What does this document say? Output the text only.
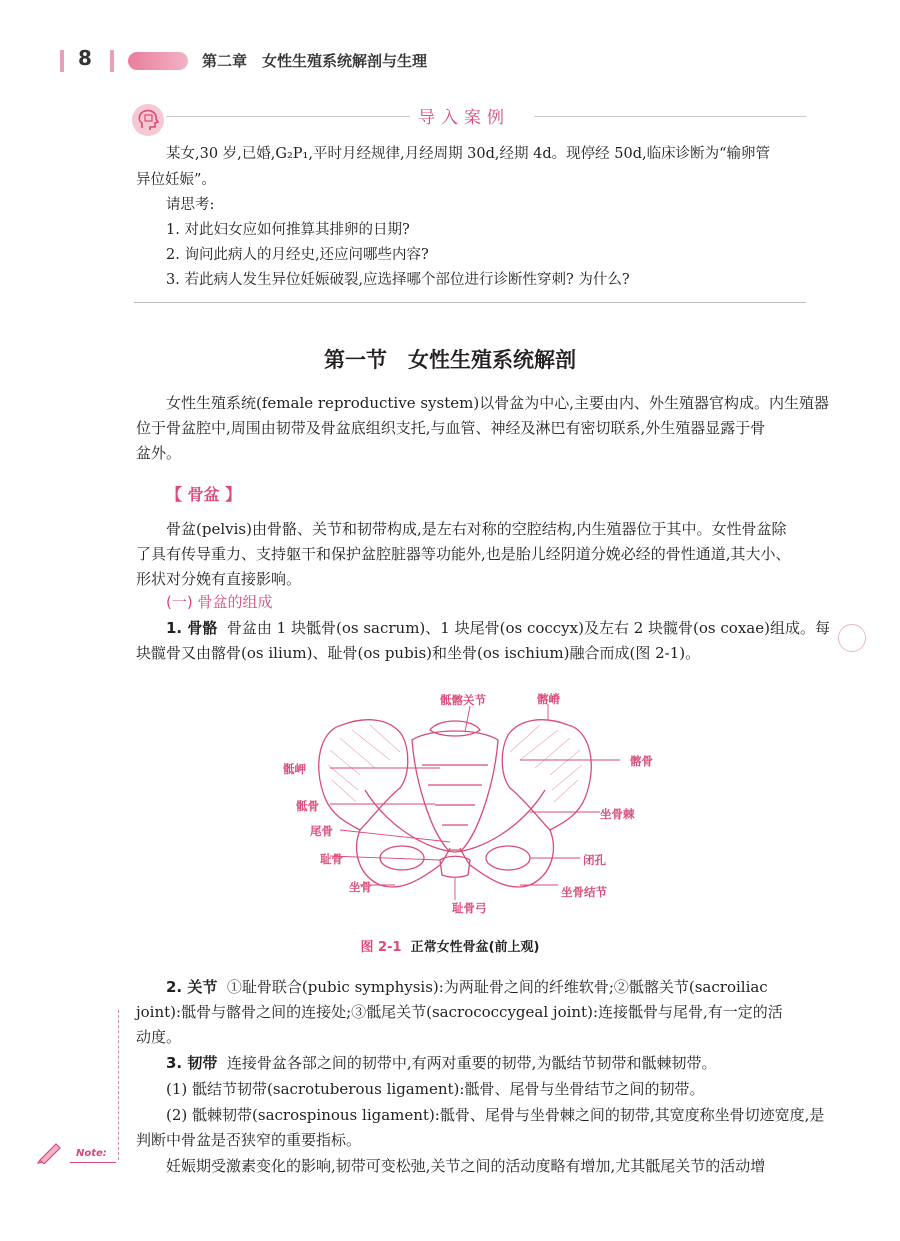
8	第二章　女性生殖系统解剖与生理
导入案例
某女,30 岁,已婚,G₂P₁,平时月经规律,月经周期 30d,经期 4d。现停经 50d,临床诊断为“输卵管
异位妊娠”。
请思考:
1. 对此妇女应如何推算其排卵的日期?
2. 询问此病人的月经史,还应问哪些内容?
3. 若此病人发生异位妊娠破裂,应选择哪个部位进行诊断性穿刺? 为什么?
第一节　女性生殖系统解剖
女性生殖系统(female reproductive system)以骨盆为中心,主要由内、外生殖器官构成。内生殖器
位于骨盆腔中,周围由韧带及骨盆底组织支托,与血管、神经及淋巴有密切联系,外生殖器显露于骨
盆外。
【 骨盆 】
骨盆(pelvis)由骨骼、关节和韧带构成,是左右对称的空腔结构,内生殖器位于其中。女性骨盆除
了具有传导重力、支持躯干和保护盆腔脏器等功能外,也是胎儿经阴道分娩必经的骨性通道,其大小、
形状对分娩有直接影响。
(一) 骨盆的组成
1. 骨骼 骨盆由 1 块骶骨(os sacrum)、1 块尾骨(os coccyx)及左右 2 块髋骨(os coxae)组成。每
块髋骨又由髂骨(os ilium)、耻骨(os pubis)和坐骨(os ischium)融合而成(图 2-1)。
骶髂关节	髂嵴
骶岬
髂骨
骶骨
坐骨棘
尾骨
耻骨	闭孔
坐骨	坐骨结节
耻骨弓
图 2-1 正常女性骨盆(前上观)
2. 关节 ①耻骨联合(pubic symphysis):为两耻骨之间的纤维软骨;②骶髂关节(sacroiliac
joint):骶骨与髂骨之间的连接处;③骶尾关节(sacrococcygeal joint):连接骶骨与尾骨,有一定的活
动度。
3. 韧带 连接骨盆各部之间的韧带中,有两对重要的韧带,为骶结节韧带和骶棘韧带。
(1) 骶结节韧带(sacrotuberous ligament):骶骨、尾骨与坐骨结节之间的韧带。
(2) 骶棘韧带(sacrospinous ligament):骶骨、尾骨与坐骨棘之间的韧带,其宽度称坐骨切迹宽度,是
判断中骨盆是否狭窄的重要指标。
妊娠期受激素变化的影响,韧带可变松弛,关节之间的活动度略有增加,尤其骶尾关节的活动增
Note:
